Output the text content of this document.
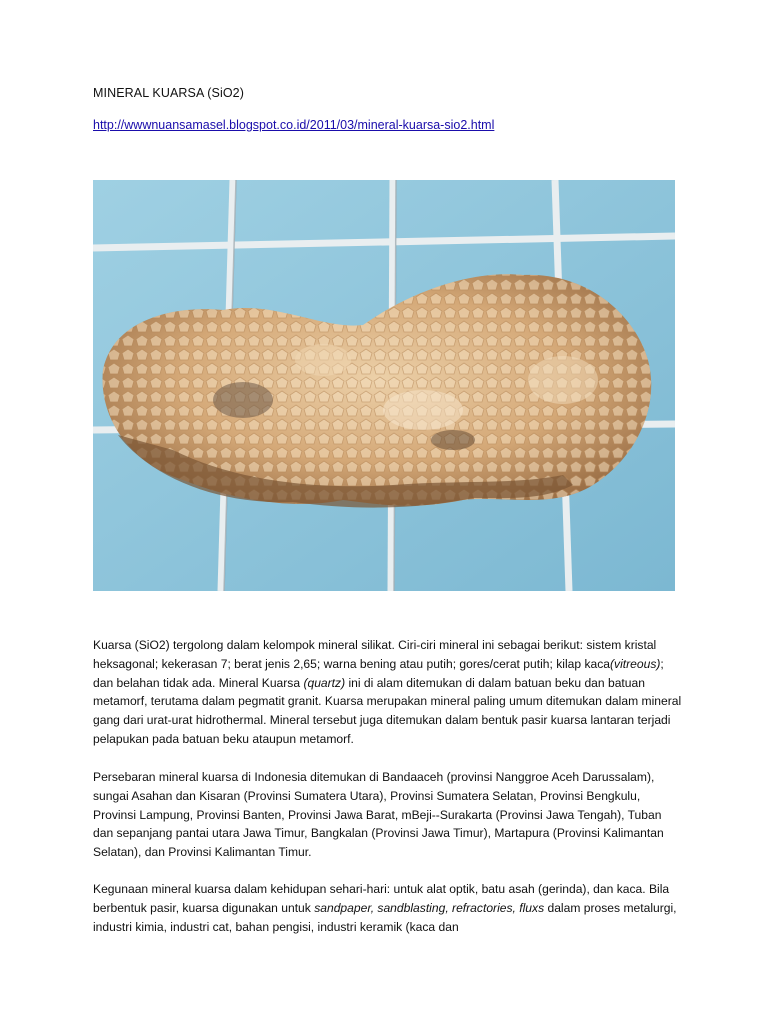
MINERAL KUARSA (SiO2)
http://wwwnuansamasel.blogspot.co.id/2011/03/mineral-kuarsa-sio2.html

Kuarsa (SiO2) tergolong dalam kelompok mineral silikat. Ciri-ciri mineral ini sebagai berikut: sistem kristal heksagonal; kekerasan 7; berat jenis 2,65; warna bening atau putih; gores/cerat putih; kilap kaca(vitreous); dan belahan tidak ada. Mineral Kuarsa (quartz) ini di alam ditemukan di dalam batuan beku dan batuan metamorf, terutama dalam pegmatit granit. Kuarsa merupakan mineral paling umum ditemukan dalam mineral gang dari urat-urat hidrothermal. Mineral tersebut juga ditemukan dalam bentuk pasir kuarsa lantaran terjadi pelapukan pada batuan beku ataupun metamorf.

Persebaran mineral kuarsa di Indonesia ditemukan di Bandaaceh (provinsi Nanggroe Aceh Darussalam), sungai Asahan dan Kisaran (Provinsi Sumatera Utara), Provinsi Sumatera Selatan, Provinsi Bengkulu, Provinsi Lampung, Provinsi Banten, Provinsi Jawa Barat, mBeji--Surakarta (Provinsi Jawa Tengah), Tuban dan sepanjang pantai utara Jawa Timur, Bangkalan (Provinsi Jawa Timur), Martapura (Provinsi Kalimantan Selatan), dan Provinsi Kalimantan Timur.

Kegunaan mineral kuarsa dalam kehidupan sehari-hari: untuk alat optik, batu asah (gerinda), dan kaca. Bila berbentuk pasir, kuarsa digunakan untuk sandpaper, sandblasting, refractories, fluxs dalam proses metalurgi, industri kimia, industri cat, bahan pengisi, industri keramik (kaca dan
